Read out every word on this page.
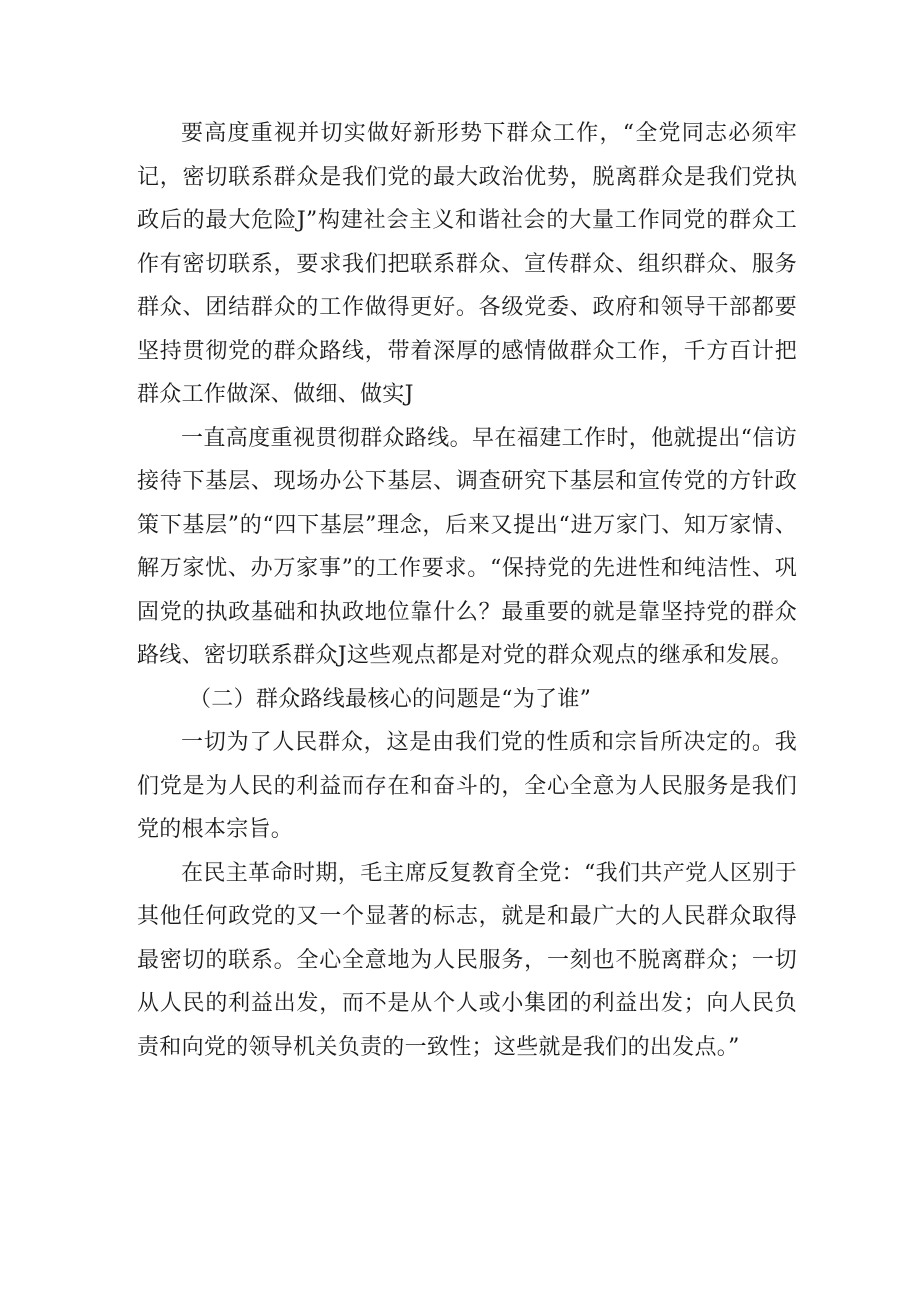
要高度重视并切实做好新形势下群众工作，“全党同志必须牢记，密切联系群众是我们党的最大政治优势，脱离群众是我们党执政后的最大危险J”构建社会主义和谐社会的大量工作同党的群众工作有密切联系，要求我们把联系群众、宣传群众、组织群众、服务群众、团结群众的工作做得更好。各级党委、政府和领导干部都要坚持贯彻党的群众路线，带着深厚的感情做群众工作，千方百计把群众工作做深、做细、做实J

一直高度重视贯彻群众路线。早在福建工作时，他就提出“信访接待下基层、现场办公下基层、调查研究下基层和宣传党的方针政策下基层”的“四下基层”理念，后来又提出“进万家门、知万家情、解万家忧、办万家事”的工作要求。“保持党的先进性和纯洁性、巩固党的执政基础和执政地位靠什么？最重要的就是靠坚持党的群众路线、密切联系群众J这些观点都是对党的群众观点的继承和发展。

（二）群众路线最核心的问题是“为了谁”

一切为了人民群众，这是由我们党的性质和宗旨所决定的。我们党是为人民的利益而存在和奋斗的，全心全意为人民服务是我们党的根本宗旨。

在民主革命时期，毛主席反复教育全党：“我们共产党人区别于其他任何政党的又一个显著的标志，就是和最广大的人民群众取得最密切的联系。全心全意地为人民服务，一刻也不脱离群众；一切从人民的利益出发，而不是从个人或小集团的利益出发；向人民负责和向党的领导机关负责的一致性；这些就是我们的出发点。”
